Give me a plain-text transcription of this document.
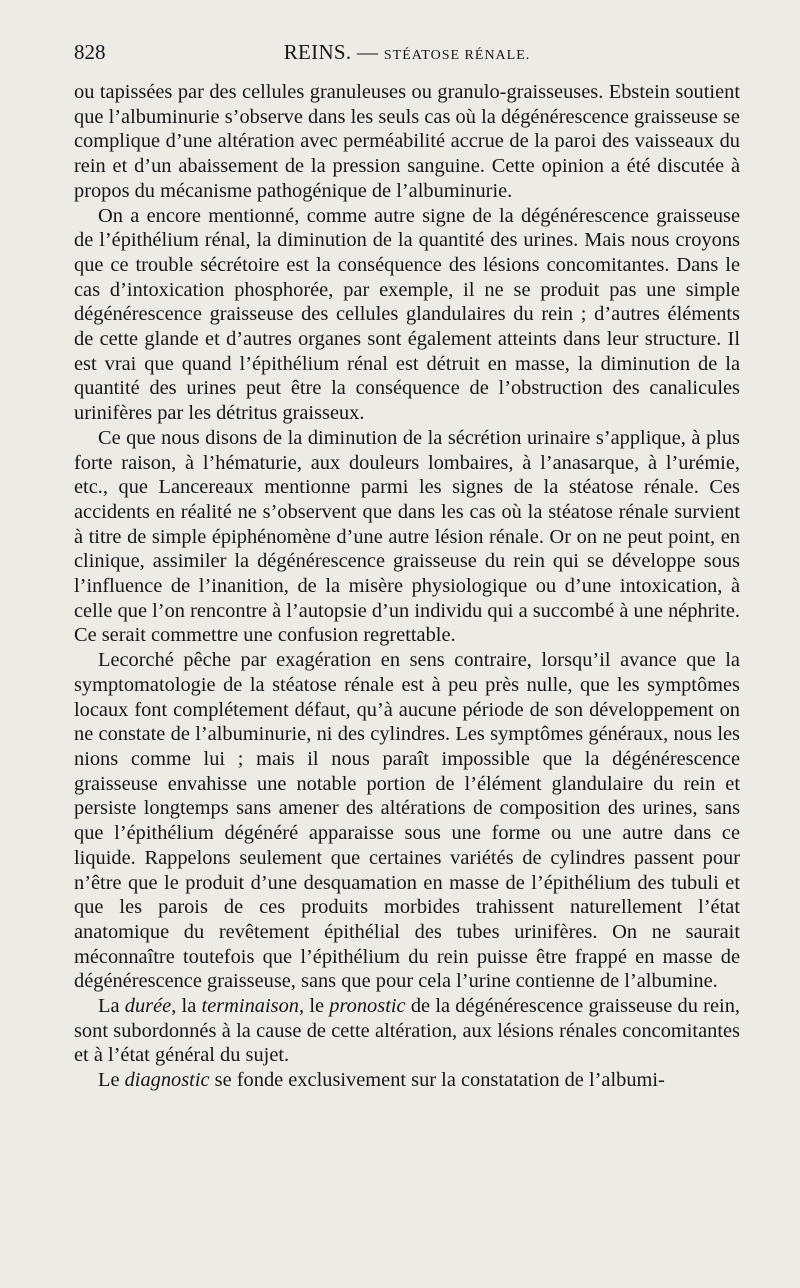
828	REINS. — STÉATOSE RÉNALE.

ou tapissées par des cellules granuleuses ou granulo-graisseuses. Ebstein soutient que l’albuminurie s’observe dans les seuls cas où la dégénérescence graisseuse se complique d’une altération avec perméabilité accrue de la paroi des vaisseaux du rein et d’un abaissement de la pression sanguine. Cette opinion a été discutée à propos du mécanisme pathogénique de l’albuminurie.

On a encore mentionné, comme autre signe de la dégénérescence graisseuse de l’épithélium rénal, la diminution de la quantité des urines. Mais nous croyons que ce trouble sécrétoire est la conséquence des lésions concomitantes. Dans le cas d’intoxication phosphorée, par exemple, il ne se produit pas une simple dégénérescence graisseuse des cellules glandulaires du rein ; d’autres éléments de cette glande et d’autres organes sont également atteints dans leur structure. Il est vrai que quand l’épithélium rénal est détruit en masse, la diminution de la quantité des urines peut être la conséquence de l’obstruction des canalicules urinifères par les détritus graisseux.

Ce que nous disons de la diminution de la sécrétion urinaire s’applique, à plus forte raison, à l’hématurie, aux douleurs lombaires, à l’anasarque, à l’urémie, etc., que Lancereaux mentionne parmi les signes de la stéatose rénale. Ces accidents en réalité ne s’observent que dans les cas où la stéatose rénale survient à titre de simple épiphénomène d’une autre lésion rénale. Or on ne peut point, en clinique, assimiler la dégénérescence graisseuse du rein qui se développe sous l’influence de l’inanition, de la misère physiologique ou d’une intoxication, à celle que l’on rencontre à l’autopsie d’un individu qui a succombé à une néphrite. Ce serait commettre une confusion regrettable.

Lecorché pêche par exagération en sens contraire, lorsqu’il avance que la symptomatologie de la stéatose rénale est à peu près nulle, que les symptômes locaux font complétement défaut, qu’à aucune période de son développement on ne constate de l’albuminurie, ni des cylindres. Les symptômes généraux, nous les nions comme lui ; mais il nous paraît impossible que la dégénérescence graisseuse envahisse une notable portion de l’élément glandulaire du rein et persiste longtemps sans amener des altérations de composition des urines, sans que l’épithélium dégénéré apparaisse sous une forme ou une autre dans ce liquide. Rappelons seulement que certaines variétés de cylindres passent pour n’être que le produit d’une desquamation en masse de l’épithélium des tubuli et que les parois de ces produits morbides trahissent naturellement l’état anatomique du revêtement épithélial des tubes urinifères. On ne saurait méconnaître toutefois que l’épithélium du rein puisse être frappé en masse de dégénérescence graisseuse, sans que pour cela l’urine contienne de l’albumine.

La durée, la terminaison, le pronostic de la dégénérescence graisseuse du rein, sont subordonnés à la cause de cette altération, aux lésions rénales concomitantes et à l’état général du sujet.

Le diagnostic se fonde exclusivement sur la constatation de l’albumi-
